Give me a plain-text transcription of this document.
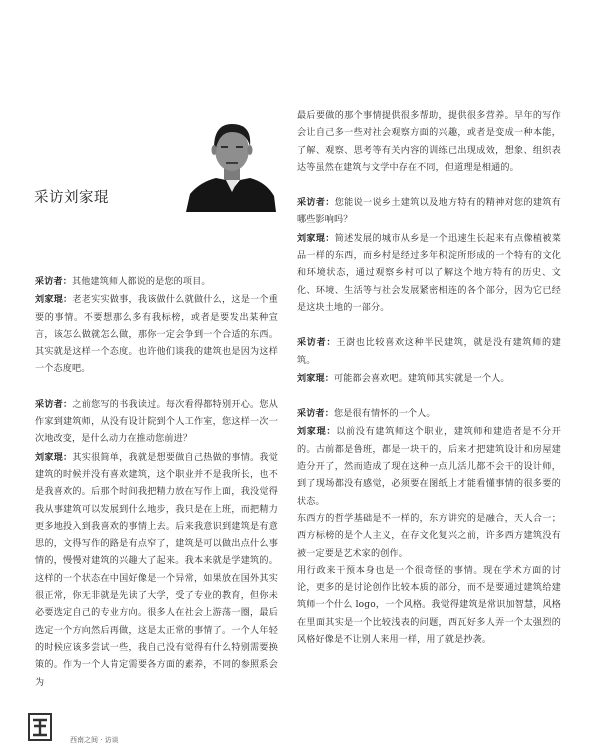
采访刘家琨

采访者：其他建筑师人都说的是您的项目。

刘家琨：老老实实做事，我该做什么就做什么，这是一个重要的事情。不要想那么多有我标榜，或者是要发出某种宣言，该怎么做就怎么做，那你一定会争到一个合适的东西。其实就是这样一个态度。也许他们谈我的建筑也是因为这样一个态度吧。

采访者：之前您写的书我读过。每次看得都特别开心。您从作家到建筑师，从没有设计院到个人工作室，您这样一次一次地改变，是什么动力在推动您前进？

刘家琨：其实很简单，我就是想要做自己热做的事情。我觉建筑的时候并没有喜欢建筑，这个职业并不是我所长，也不是我喜欢的。后那个时间我把精力放在写作上面，我没觉得我从事建筑可以发展到什么地步，我只是在上班，而把精力更多地投入到我喜欢的事情上去。后来我意识到建筑是有意思的，文得写作的路是有点窄了，建筑是可以做出点什么事情的，慢慢对建筑的兴趣大了起来。我本来就是学建筑的。这样的一个状态在中国好像是一个异常，如果放在国外其实很正常，你无非就是先读了大学，受了专业的教育，但你未必要选定自己的专业方向。很多人在社会上游荡一圈，最后选定一个方向然后再做，这是太正常的事情了。一个人年轻的时候应该多尝试一些，我自己没有觉得有什么特别需要换策的。作为一个人肯定需要各方面的素养，不同的参照系会为

最后要做的那个事情提供很多帮助，提供很多营养。早年的写作会让自己多一些对社会观察方面的兴趣，或者是变成一种本能，了解、观察、思考等有关内容的训练已出现成效，想象、组织表达等虽然在建筑与文学中存在不同，但道理是相通的。

采访者：您能说一说乡土建筑以及地方特有的精神对您的建筑有哪些影响吗？

刘家琨：简述发展的城市从乡是一个迅速生长起来有点像植被菜品一样的东西，而乡村是经过多年积淀所形成的一个特有的文化和环境状态，通过观察乡村可以了解这个地方特有的历史、文化、环境、生活等与社会发展紧密相连的各个部分，因为它已经是这块土地的一部分。

采访者：王澍也比较喜欢这种半民建筑，就是没有建筑师的建筑。

刘家琨：可能都会喜欢吧。建筑师其实就是一个人。

采访者：您是很有情怀的一个人。

刘家琨：以前没有建筑师这个职业，建筑师和建造者是不分开的。古前都是鲁班，都是一块干的，后来才把建筑设计和房屋建造分开了，然而造成了现在这种一点儿活儿都不会干的设计师，到了现场都没有感觉，必须要在图纸上才能看懂事情的很多要的状态。

东西方的哲学基础是不一样的，东方讲究的是融合，天人合一；西方标榜的是个人主义，在存文化复兴之前，许多西方建筑没有被一定要是艺术家的创作。

用行政来干预本身也是一个很奇怪的事情。现在学术方面的讨论，更多的是讨论创作比较本质的部分，而不是要通过建筑给建筑师一个什么 logo，一个风格。我觉得建筑是常识加智慧，风格在里面其实是一个比较浅表的问题，西瓦好多人弄一个太强烈的风格好像是不让别人来用一样，用了就是抄袭。

西南之间 · 访谈
